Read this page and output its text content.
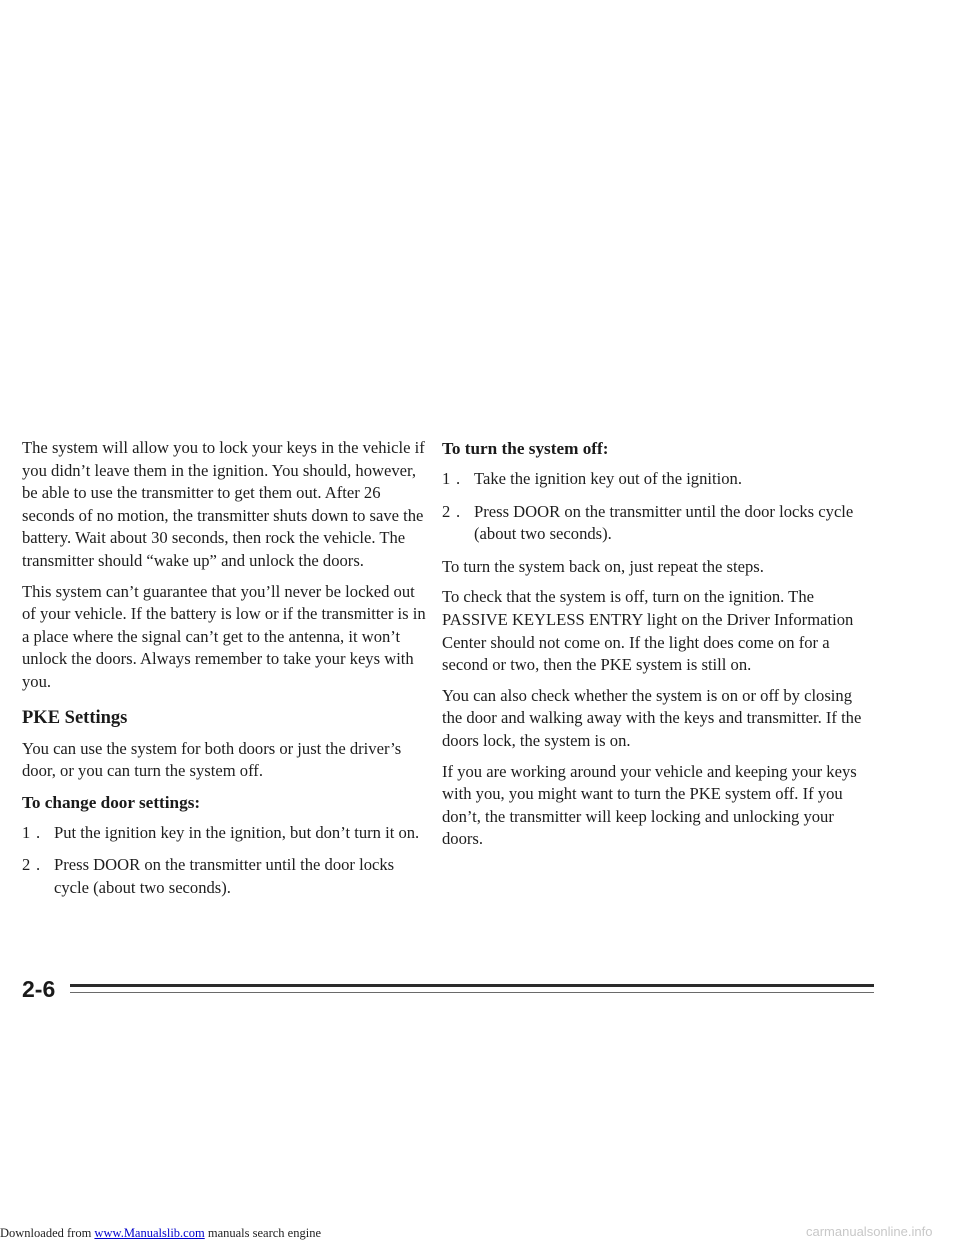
The system will allow you to lock your keys in the vehicle if you didn’t leave them in the ignition. You should, however, be able to use the transmitter to get them out. After 26 seconds of no motion, the transmitter shuts down to save the battery. Wait about 30 seconds, then rock the vehicle. The transmitter should “wake up” and unlock the doors.

This system can’t guarantee that you’ll never be locked out of your vehicle. If the battery is low or if the transmitter is in a place where the signal can’t get to the antenna, it won’t unlock the doors. Always remember to take your keys with you.

PKE Settings

You can use the system for both doors or just the driver’s door, or you can turn the system off.

To change door settings:
1 . Put the ignition key in the ignition, but don’t turn it on.
2 . Press DOOR on the transmitter until the door locks cycle (about two seconds).
To turn the system off:
1 . Take the ignition key out of the ignition.
2 . Press DOOR on the transmitter until the door locks cycle (about two seconds).

To turn the system back on, just repeat the steps.

To check that the system is off, turn on the ignition. The PASSIVE KEYLESS ENTRY light on the Driver Information Center should not come on. If the light does come on for a second or two, then the PKE system is still on.

You can also check whether the system is on or off by closing the door and walking away with the keys and transmitter. If the doors lock, the system is on.

If you are working around your vehicle and keeping your keys with you, you might want to turn the PKE system off. If you don’t, the transmitter will keep locking and unlocking your doors.

2-6
Downloaded from www.Manualslib.com manuals search engine	carmanualsonline.info
